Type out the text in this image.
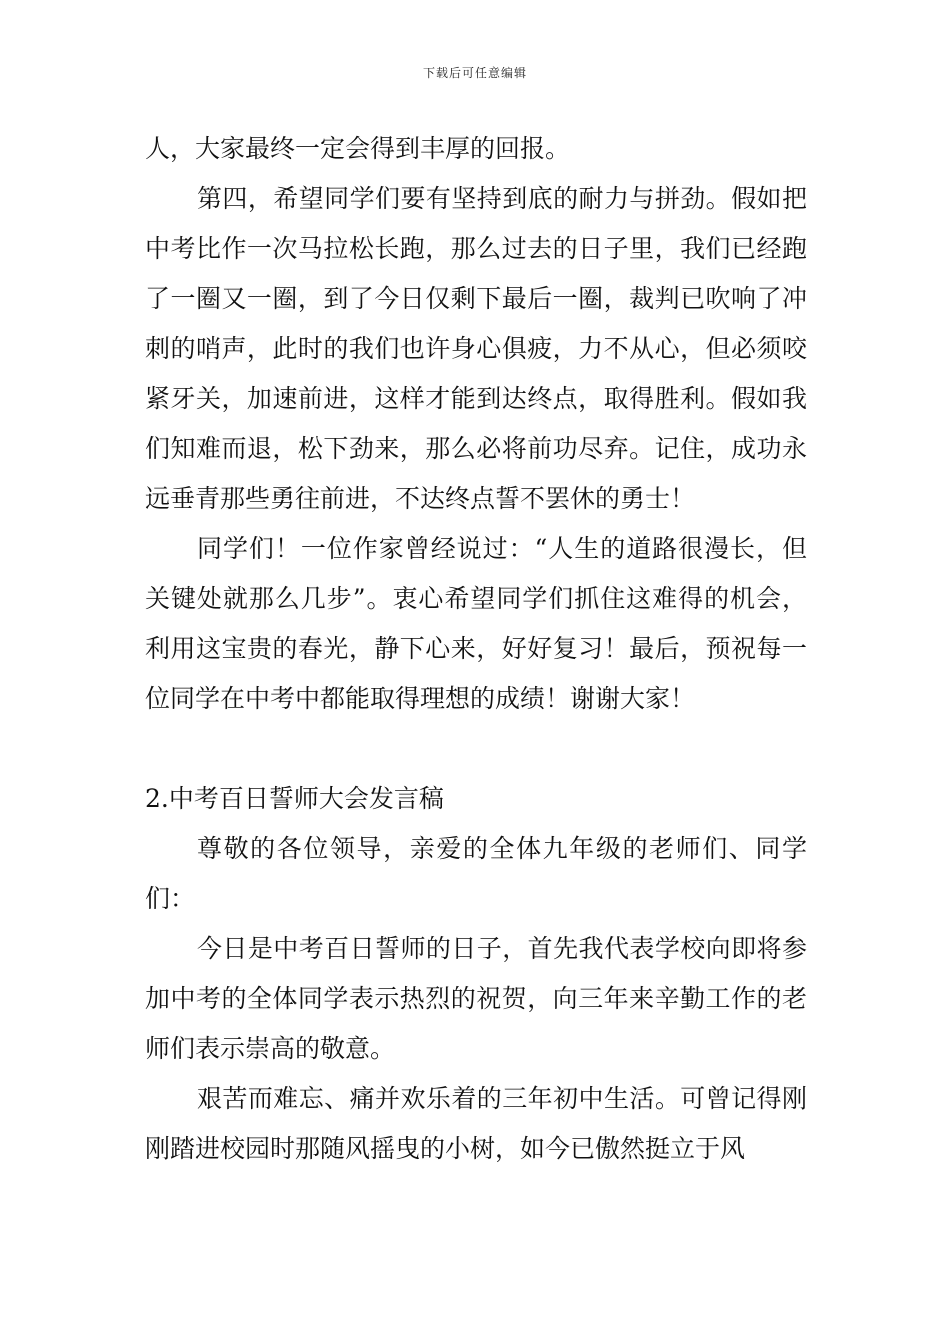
下载后可任意编辑

人，大家最终一定会得到丰厚的回报。

第四，希望同学们要有坚持到底的耐力与拼劲。假如把中考比作一次马拉松长跑，那么过去的日子里，我们已经跑了一圈又一圈，到了今日仅剩下最后一圈，裁判已吹响了冲刺的哨声，此时的我们也许身心俱疲，力不从心，但必须咬紧牙关，加速前进，这样才能到达终点，取得胜利。假如我们知难而退，松下劲来，那么必将前功尽弃。记住，成功永远垂青那些勇往前进，不达终点誓不罢休的勇士！

同学们！一位作家曾经说过：“人生的道路很漫长，但关键处就那么几步”。衷心希望同学们抓住这难得的机会，利用这宝贵的春光，静下心来，好好复习！最后，预祝每一位同学在中考中都能取得理想的成绩！谢谢大家！

2.中考百日誓师大会发言稿

尊敬的各位领导，亲爱的全体九年级的老师们、同学们：

今日是中考百日誓师的日子，首先我代表学校向即将参加中考的全体同学表示热烈的祝贺，向三年来辛勤工作的老师们表示崇高的敬意。

艰苦而难忘、痛并欢乐着的三年初中生活。可曾记得刚刚踏进校园时那随风摇曳的小树，如今已傲然挺立于风
